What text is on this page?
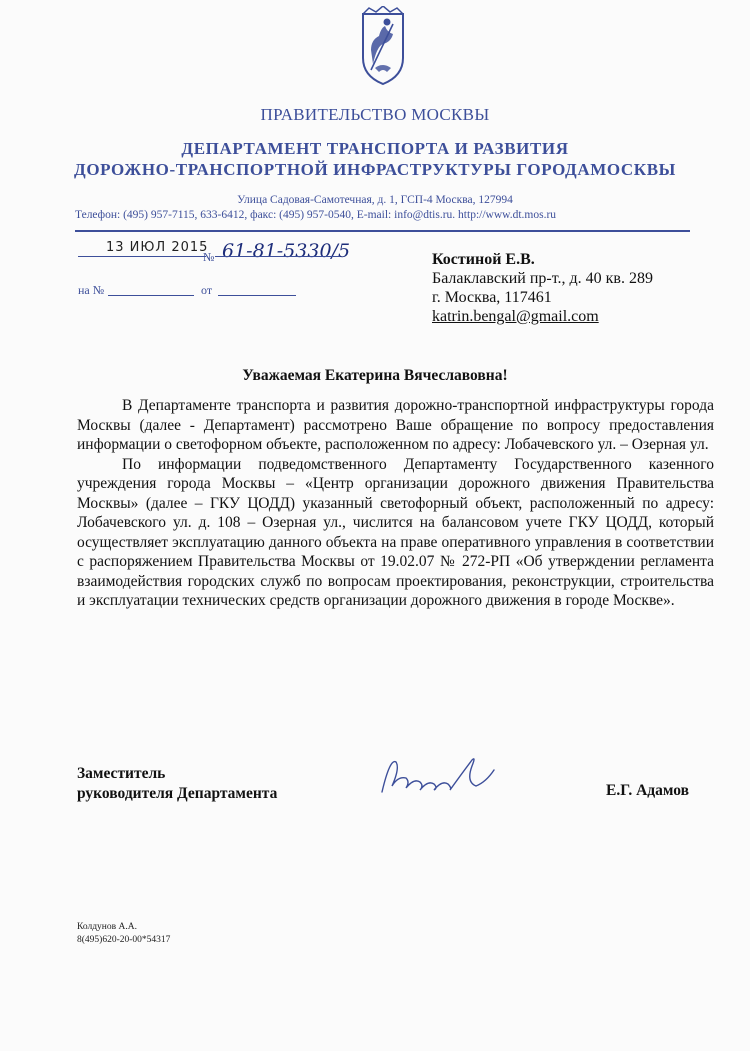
ПРАВИТЕЛЬСТВО МОСКВЫ
ДЕПАРТАМЕНТ ТРАНСПОРТА И РАЗВИТИЯ
ДОРОЖНО-ТРАНСПОРТНОЙ ИНФРАСТРУКТУРЫ ГОРОДАМОСКВЫ
Улица Садовая-Самотечная, д. 1, ГСП-4 Москва, 127994
Телефон: (495) 957-7115, 633-6412, факс: (495) 957-0540, E-mail: info@dtis.ru. http://www.dt.mos.ru
13 ИЮЛ 2015
№ 61-81-5330/5
на №	от
Костиной Е.В.
Балаклавский пр-т., д. 40 кв. 289
г. Москва, 117461
katrin.bengal@gmail.com
Уважаемая Екатерина Вячеславовна!

В Департаменте транспорта и развития дорожно-транспортной инфраструктуры города Москвы (далее - Департамент) рассмотрено Ваше обращение по вопросу предоставления информации о светофорном объекте, расположенном по адресу: Лобачевского ул. – Озерная ул.

По информации подведомственного Департаменту Государственного казенного учреждения города Москвы – «Центр организации дорожного движения Правительства Москвы» (далее – ГКУ ЦОДД) указанный светофорный объект, расположенный по адресу: Лобачевского ул. д. 108 – Озерная ул., числится на балансовом учете ГКУ ЦОДД, который осуществляет эксплуатацию данного объекта на праве оперативного управления в соответствии с распоряжением Правительства Москвы от 19.02.07 № 272-РП «Об утверждении регламента взаимодействия городских служб по вопросам проектирования, реконструкции, строительства и эксплуатации технических средств организации дорожного движения в городе Москве».

Заместитель
руководителя Департамента	Е.Г. Адамов
Колдунов А.А.
8(495)620-20-00*54317
